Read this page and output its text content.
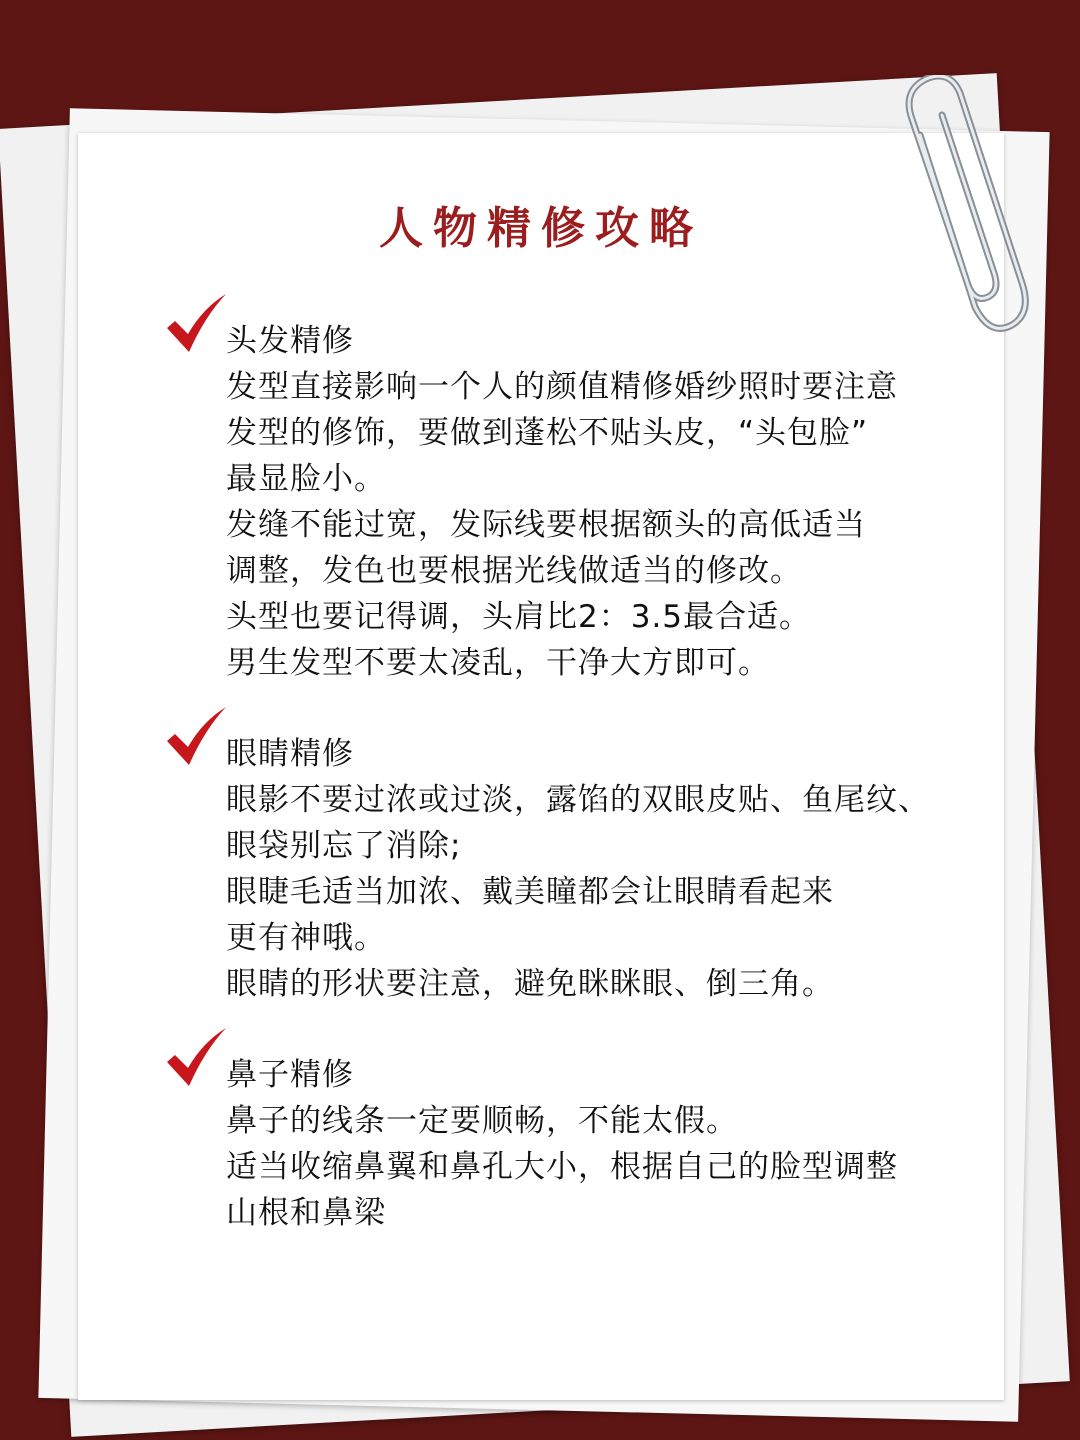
人物精修攻略
头发精修
发型直接影响一个人的颜值精修婚纱照时要注意
发型的修饰，要做到蓬松不贴头皮，“头包脸”
最显脸小。
发缝不能过宽，发际线要根据额头的高低适当
调整，发色也要根据光线做适当的修改。
头型也要记得调，头肩比2：3.5最合适。
男生发型不要太凌乱，干净大方即可。
眼睛精修
眼影不要过浓或过淡，露馅的双眼皮贴、鱼尾纹、
眼袋别忘了消除;
眼睫毛适当加浓、戴美瞳都会让眼睛看起来
更有神哦。
眼睛的形状要注意，避免眯眯眼、倒三角。
鼻子精修
鼻子的线条一定要顺畅，不能太假。
适当收缩鼻翼和鼻孔大小，根据自己的脸型调整
山根和鼻梁
